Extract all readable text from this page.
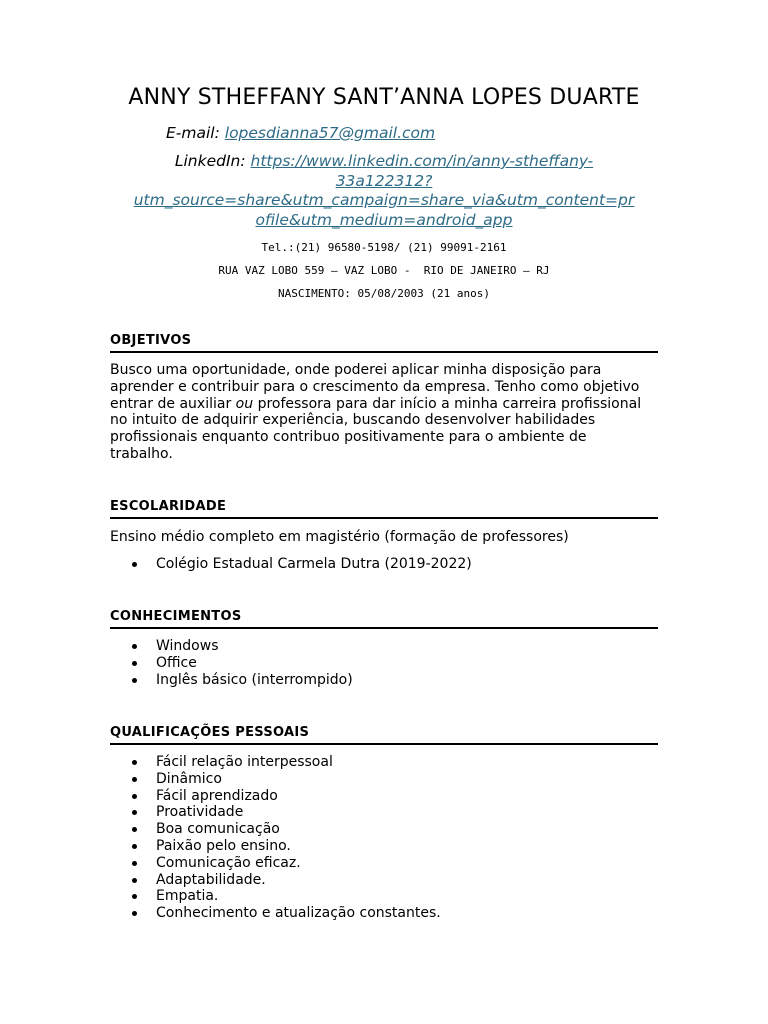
ANNY STHEFFANY SANT’ANNA LOPES DUARTE
E-mail: lopesdianna57@gmail.com
LinkedIn: https://www.linkedin.com/in/anny-stheffany-
33a122312?
utm_source=share&utm_campaign=share_via&utm_content=pr
ofile&utm_medium=android_app
Tel.:(21) 96580-5198/ (21) 99091-2161
RUA VAZ LOBO 559 – VAZ LOBO -  RIO DE JANEIRO – RJ
NASCIMENTO: 05/08/2003 (21 anos)
OBJETIVOS
Busco uma oportunidade, onde poderei aplicar minha disposição para
aprender e contribuir para o crescimento da empresa. Tenho como objetivo
entrar de auxiliar ou professora para dar início a minha carreira profissional
no intuito de adquirir experiência, buscando desenvolver habilidades
profissionais enquanto contribuo positivamente para o ambiente de
trabalho.
ESCOLARIDADE
Ensino médio completo em magistério (formação de professores)
Colégio Estadual Carmela Dutra (2019-2022)
CONHECIMENTOS
Windows
Office
Inglês básico (interrompido)
QUALIFICAÇÕES PESSOAIS
Fácil relação interpessoal
Dinâmico
Fácil aprendizado
Proatividade
Boa comunicação
Paixão pelo ensino.
Comunicação eficaz.
Adaptabilidade.
Empatia.
Conhecimento e atualização constantes.
